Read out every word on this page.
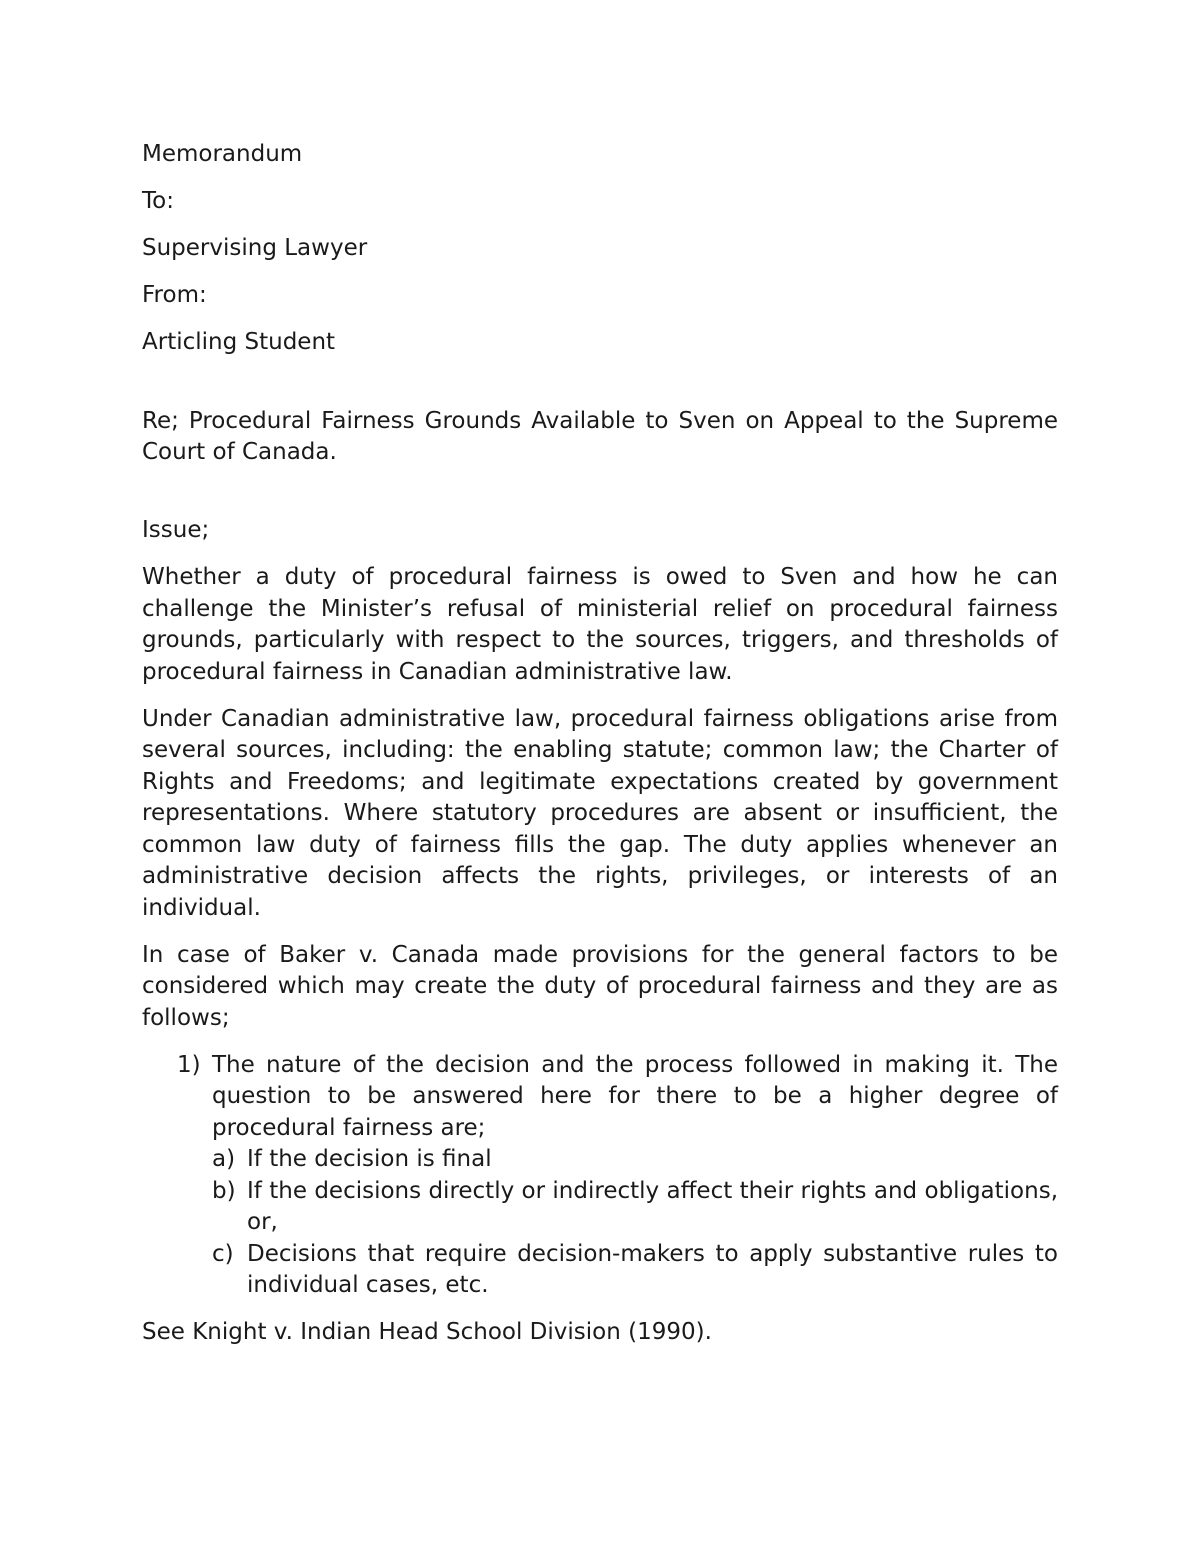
Memorandum

To:

Supervising Lawyer

From:

Articling Student

Re; Procedural Fairness Grounds Available to Sven on Appeal to the Supreme Court of Canada.

Issue;

Whether a duty of procedural fairness is owed to Sven and how he can challenge the Minister’s refusal of ministerial relief on procedural fairness grounds, particularly with respect to the sources, triggers, and thresholds of procedural fairness in Canadian administrative law.

Under Canadian administrative law, procedural fairness obligations arise from several sources, including: the enabling statute; common law; the Charter of Rights and Freedoms; and legitimate expectations created by government representations. Where statutory procedures are absent or insufficient, the common law duty of fairness fills the gap. The duty applies whenever an administrative decision affects the rights, privileges, or interests of an individual.

In case of Baker v. Canada made provisions for the general factors to be considered which may create the duty of procedural fairness and they are as follows;

1) The nature of the decision and the process followed in making it. The question to be answered here for there to be a higher degree of procedural fairness are;
a) If the decision is final
b) If the decisions directly or indirectly affect their rights and obligations, or,
c) Decisions that require decision-makers to apply substantive rules to individual cases, etc.

See Knight v. Indian Head School Division (1990).
